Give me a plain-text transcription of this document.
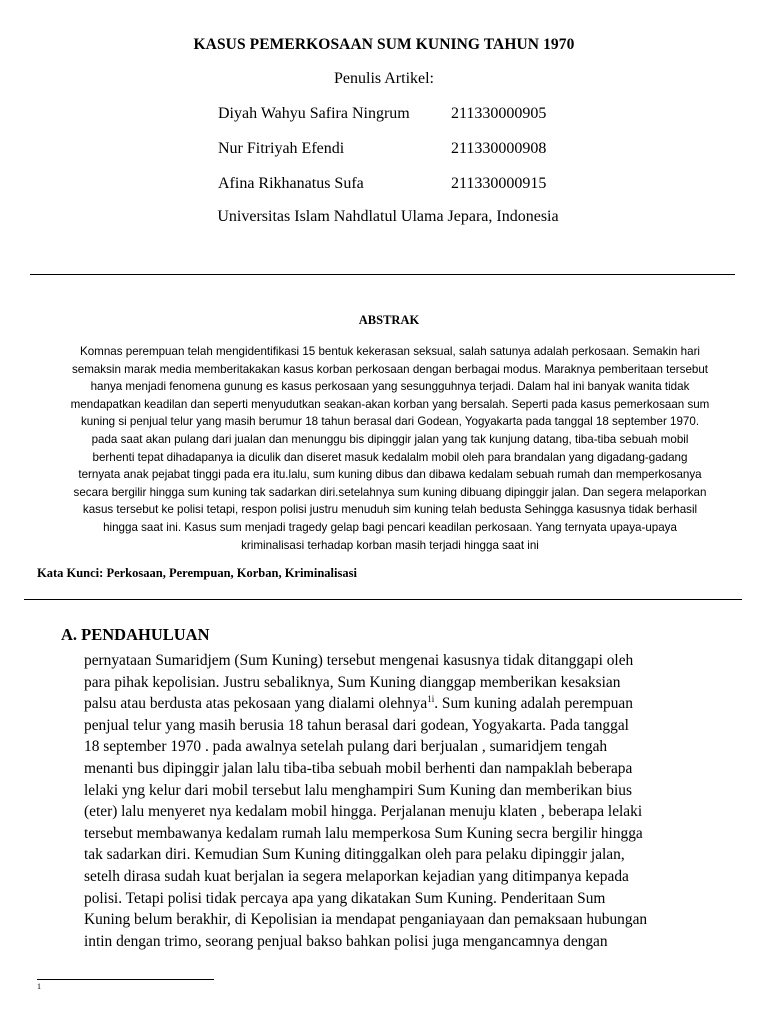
KASUS PEMERKOSAAN SUM KUNING TAHUN 1970
Penulis Artikel:
Diyah Wahyu Safira Ningrum	211330000905
Nur Fitriyah Efendi	211330000908
Afina Rikhanatus Sufa	211330000915
Universitas Islam Nahdlatul Ulama Jepara, Indonesia
ABSTRAK
Komnas perempuan telah mengidentifikasi 15 bentuk kekerasan seksual, salah satunya adalah perkosaan. Semakin hari
semaksin marak media memberitakakan kasus korban perkosaan dengan berbagai modus. Maraknya pemberitaan tersebut
hanya menjadi fenomena gunung es kasus perkosaan yang sesungguhnya terjadi. Dalam hal ini banyak wanita tidak
mendapatkan keadilan dan seperti menyudutkan seakan-akan korban yang bersalah. Seperti pada kasus pemerkosaan sum
kuning si penjual telur yang masih berumur 18 tahun berasal dari Godean, Yogyakarta pada tanggal 18 september 1970.
pada saat akan pulang dari jualan dan menunggu bis dipinggir jalan yang tak kunjung datang, tiba-tiba sebuah mobil
berhenti tepat dihadapanya ia diculik dan diseret masuk kedalalm mobil oleh para brandalan yang digadang-gadang
ternyata anak pejabat tinggi pada era itu.lalu, sum kuning dibus dan dibawa kedalam sebuah rumah dan memperkosanya
secara bergilir hingga sum kuning tak sadarkan diri.setelahnya sum kuning dibuang dipinggir jalan. Dan segera melaporkan
kasus tersebut ke polisi tetapi, respon polisi justru menuduh sim kuning telah bedusta Sehingga kasusnya tidak berhasil
hingga saat ini. Kasus sum menjadi tragedy gelap bagi pencari keadilan perkosaan. Yang ternyata upaya-upaya
kriminalisasi terhadap korban masih terjadi hingga saat ini
Kata Kunci: Perkosaan, Perempuan, Korban, Kriminalisasi
A. PENDAHULUAN
pernyataan Sumaridjem (Sum Kuning) tersebut mengenai kasusnya tidak ditanggapi oleh
para pihak kepolisian. Justru sebaliknya, Sum Kuning dianggap memberikan kesaksian
palsu atau berdusta atas pekosaan yang dialami olehnya$^{1i}$. Sum kuning adalah perempuan
penjual telur yang masih berusia 18 tahun berasal dari godean, Yogyakarta. Pada tanggal
18 september 1970 . pada awalnya setelah pulang dari berjualan , sumaridjem tengah
menanti bus dipinggir jalan lalu tiba-tiba sebuah mobil berhenti dan nampaklah beberapa
lelaki yng kelur dari mobil tersebut lalu menghampiri Sum Kuning dan memberikan bius
(eter) lalu menyeret nya kedalam mobil hingga. Perjalanan menuju klaten , beberapa lelaki
tersebut membawanya kedalam rumah lalu memperkosa Sum Kuning secra bergilir hingga
tak sadarkan diri. Kemudian Sum Kuning ditinggalkan oleh para pelaku dipinggir jalan,
setelh dirasa sudah kuat berjalan ia segera melaporkan kejadian yang ditimpanya kepada
polisi. Tetapi polisi tidak percaya apa yang dikatakan Sum Kuning. Penderitaan Sum
Kuning belum berakhir, di Kepolisian ia mendapat penganiayaan dan pemaksaan hubungan
intin dengan trimo, seorang penjual bakso bahkan polisi juga mengancamnya dengan
1
